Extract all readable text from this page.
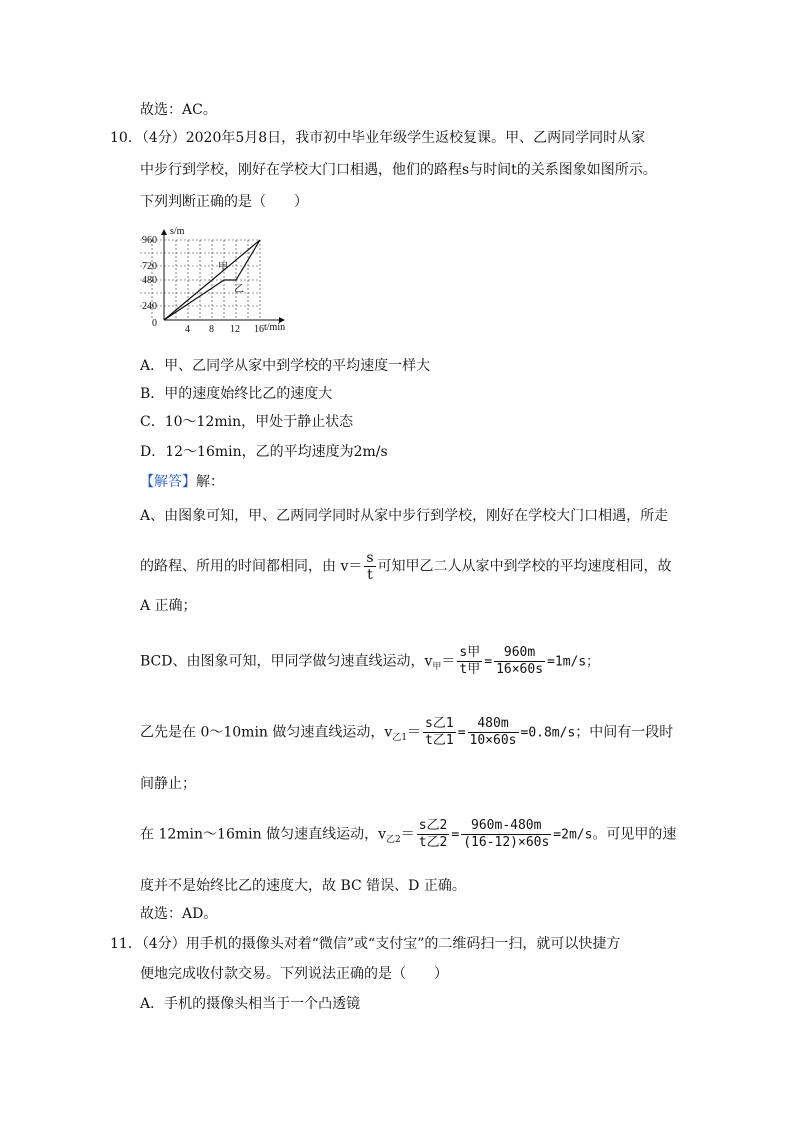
故选：AC。
10．（4分）2020年5月8日，我市初中毕业年级学生返校复课。甲、乙两同学同时从家
中步行到学校，刚好在学校大门口相遇，他们的路程s与时间t的关系图象如图所示。
下列判断正确的是（　　）
s/m
t/min
0
960
720
480
240
4 8 12 16
甲
乙
A．甲、乙同学从家中到学校的平均速度一样大
B．甲的速度始终比乙的速度大
C．10～12min，甲处于静止状态
D．12～16min，乙的平均速度为2m/s
【解答】解：
A、由图象可知，甲、乙两同学同时从家中步行到学校，刚好在学校大门口相遇，所走
的路程、所用的时间都相同，由 $v= \frac{s}{t}$ 可知甲乙二人从家中到学校的平均速度相同，故
A 正确；
BCD、由图象可知，甲同学做匀速直线运动，$v_甲= \frac{\text{s甲}}{\text{t甲}} = \frac{960m}{16\times 60s} =1m/s$；
乙先是在 0～10min 做匀速直线运动，$v_{乙1}= \frac{\text{s乙1}}{\text{t乙1}} = \frac{480m}{10\times 60s} =0.8m/s$；中间有一段时
间静止；
在 12min～16min 做匀速直线运动，$v_{乙2}= \frac{\text{s乙2}}{\text{t乙2}} = \frac{960m-480m}{(16-12)\times 60s} =2m/s$。可见甲的速
度并不是始终比乙的速度大，故 BC 错误、D 正确。
故选：AD。
11．（4分）用手机的摄像头对着“微信”或“支付宝”的二维码扫一扫，就可以快捷方
便地完成收付款交易。下列说法正确的是（　　）
A．手机的摄像头相当于一个凸透镜
